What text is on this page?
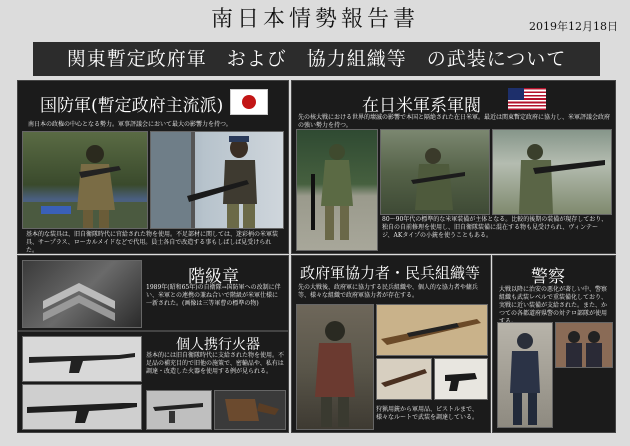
南日本情勢報告書	2019年12月18日
関東暫定政府軍　および　協力組織等　の武装について
国防軍(暫定政府主流派)
南日本の政権の中心となる勢力。軍事評議会において最大の影響力を持つ。
基本的な装具は、旧自衛隊時代に官給された物を使用。不足部材に関しては、迷彩柄の米軍装具、サープラス、ローカルメイドなどで代用。員士各自で改造する事もしばしば見受けられた。
在日米軍系軍閥
先の核大戦における世界的壊滅の影響で本国と隔絶された在日米軍。最近は関東暫定政府に協力し、米軍評議会政府の強い勢力を持つ。
80～90年代の標準的な米軍装備が主体となる。比較的後期の装備が現存しており、独自の自前修理を使用し、旧自衛隊装備に混在する物も見受けられ、ヴィンテージ、AKタイプの小銃を使うこともある。
階級章
1989年(昭和65年)の自衛隊→国防軍への改制に伴い、米軍との連携の兼ね合いで階級が米軍仕様に一新された。(画像は三等軍曹の標準の物)
個人携行火器
基本的には旧自衛隊時代に支給された物を使用。不足品の補充目的で旧他の施策で、密輸品や、私有は調達・改造した火器を使用する例が見られる。
政府軍協力者・民兵組織等
先の大戦後、政府軍に協力する民兵組織や、個人的な協力者や傭兵等、様々な組織で政府軍協力者が存在する。
狩猟用銃から軍用品、ピストルまで、様々なルートで武装を調達している。
警察
大戦以降に治安の悪化が著しい中、警察組織も武装レベルで重装備化しており、実戦に近い装備が支給された。また、かつての各都道府県警の対テロ部隊が使用
